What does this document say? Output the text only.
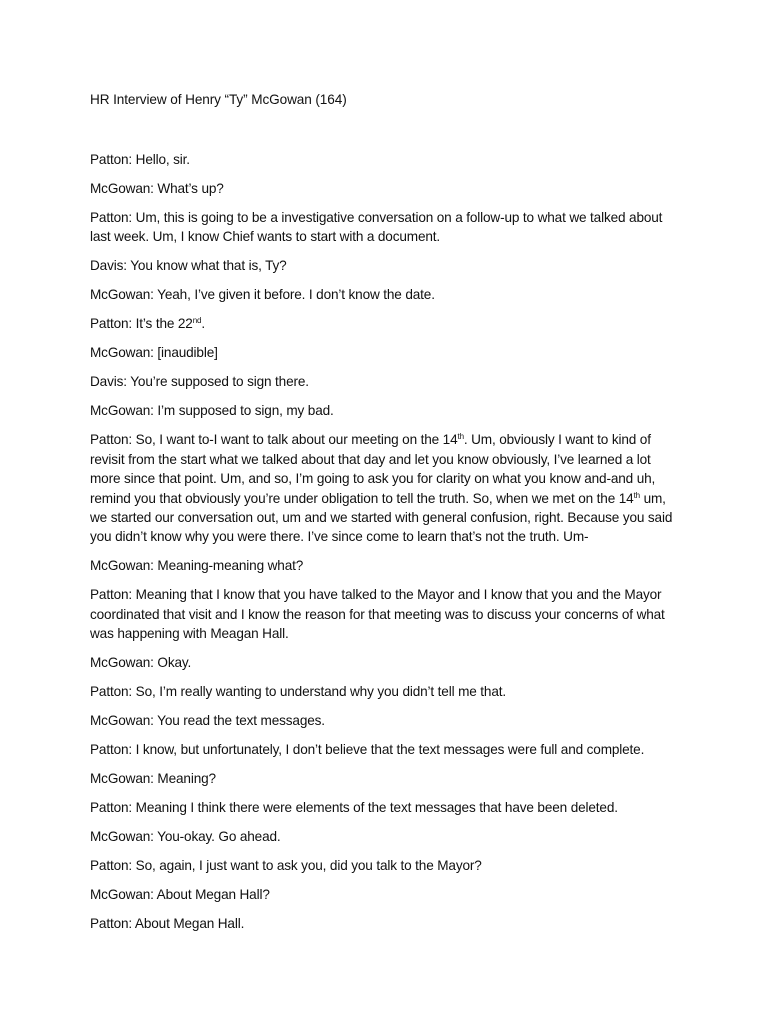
HR Interview of Henry “Ty” McGowan (164)

Patton : Hello, sir.

McGowan : What’s up?

Patton : Um, this is going to be a investigative conversation on a follow-up to what we talked about last week. Um, I know Chief wants to start with a document.

Davis : You know what that is, Ty?

McGowan : Yeah, I’ve given it before. I don’t know the date.

Patton : It’s the 22nd.

McGowan : [inaudible]

Davis : You’re supposed to sign there.

McGowan : I’m supposed to sign, my bad.

Patton : So, I want to-I want to talk about our meeting on the 14th. Um, obviously I want to kind of revisit from the start what we talked about that day and let you know obviously, I’ve learned a lot more since that point. Um, and so, I’m going to ask you for clarity on what you know and-and uh, remind you that obviously you’re under obligation to tell the truth. So, when we met on the 14th um, we started our conversation out, um and we started with general confusion, right. Because you said you didn’t know why you were there. I’ve since come to learn that’s not the truth. Um-

McGowan : Meaning-meaning what?

Patton : Meaning that I know that you have talked to the Mayor and I know that you and the Mayor coordinated that visit and I know the reason for that meeting was to discuss your concerns of what was happening with Meagan Hall.

McGowan : Okay.

Patton : So, I’m really wanting to understand why you didn’t tell me that.

McGowan : You read the text messages.

Patton : I know, but unfortunately, I don’t believe that the text messages were full and complete.

McGowan : Meaning?

Patton : Meaning I think there were elements of the text messages that have been deleted.

McGowan : You-okay. Go ahead.

Patton : So, again, I just want to ask you, did you talk to the Mayor?

McGowan : About Megan Hall?

Patton : About Megan Hall.
